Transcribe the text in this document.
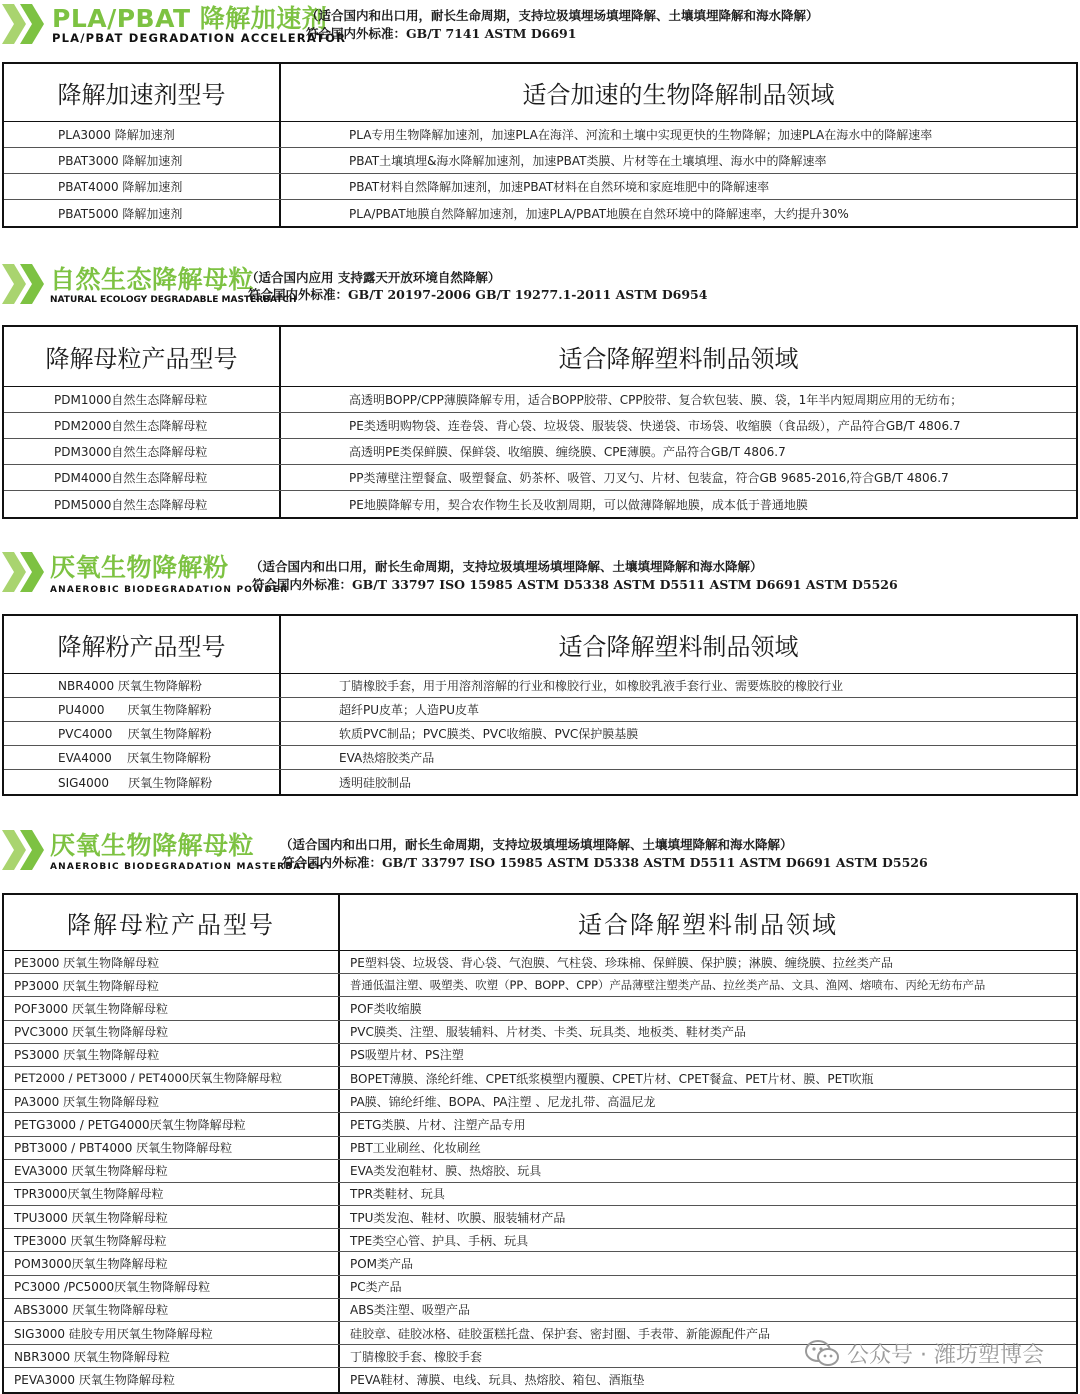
PLA/PBAT 降解加速剂
PLA/PBAT DEGRADATION ACCELERATOR
（适合国内和出口用，耐长生命周期，支持垃圾填埋场填埋降解、土壤填埋降解和海水降解）
符合国内外标准：GB/T 7141 ASTM D6691
降解加速剂型号	适合加速的生物降解制品领域
PLA3000 降解加速剂	PLA专用生物降解加速剂，加速PLA在海洋、河流和土壤中实现更快的生物降解；加速PLA在海水中的降解速率
PBAT3000 降解加速剂	PBAT土壤填埋&海水降解加速剂，加速PBAT类膜、片材等在土壤填埋、海水中的降解速率
PBAT4000 降解加速剂	PBAT材料自然降解加速剂，加速PBAT材料在自然环境和家庭堆肥中的降解速率
PBAT5000 降解加速剂	PLA/PBAT地膜自然降解加速剂，加速PLA/PBAT地膜在自然环境中的降解速率，大约提升30%
自然生态降解母粒
NATURAL ECOLOGY DEGRADABLE MASTERBATCH
（适合国内应用 支持露天开放环境自然降解）
符合国内外标准：GB/T 20197-2006 GB/T 19277.1-2011 ASTM D6954
降解母粒产品型号	适合降解塑料制品领域
PDM1000自然生态降解母粒	高透明BOPP/CPP薄膜降解专用，适合BOPP胶带、CPP胶带、复合软包装、膜、袋，1年半内短周期应用的无纺布；
PDM2000自然生态降解母粒	PE类透明购物袋、连卷袋、背心袋、垃圾袋、服装袋、快递袋、市场袋、收缩膜（食品级），产品符合GB/T 4806.7
PDM3000自然生态降解母粒	高透明PE类保鲜膜、保鲜袋、收缩膜、缠绕膜、CPE薄膜。产品符合GB/T 4806.7
PDM4000自然生态降解母粒	PP类薄壁注塑餐盒、吸塑餐盒、奶茶杯、吸管、刀叉勺、片材、包装盒，符合GB 9685-2016,符合GB/T 4806.7
PDM5000自然生态降解母粒	PE地膜降解专用，契合农作物生长及收割周期，可以做薄降解地膜，成本低于普通地膜
厌氧生物降解粉
ANAEROBIC BIODEGRADATION POWDER
（适合国内和出口用，耐长生命周期，支持垃圾填埋场填埋降解、土壤填埋降解和海水降解）
符合国内外标准：GB/T 33797 ISO 15985 ASTM D5338 ASTM D5511 ASTM D6691 ASTM D5526
降解粉产品型号	适合降解塑料制品领域
NBR4000 厌氧生物降解粉	丁腈橡胶手套，用于用溶剂溶解的行业和橡胶行业，如橡胶乳液手套行业、需要炼胶的橡胶行业
PU4000      厌氧生物降解粉	超纤PU皮革；人造PU皮革
PVC4000    厌氧生物降解粉	软质PVC制品；PVC膜类、PVC收缩膜、PVC保护膜基膜
EVA4000    厌氧生物降解粉	EVA热熔胶类产品
SIG4000     厌氧生物降解粉	透明硅胶制品
厌氧生物降解母粒
ANAEROBIC BIODEGRADATION MASTERBATCH
（适合国内和出口用，耐长生命周期，支持垃圾填埋场填埋降解、土壤填埋降解和海水降解）
符合国内外标准：GB/T 33797 ISO 15985 ASTM D5338 ASTM D5511 ASTM D6691 ASTM D5526
降解母粒产品型号	适合降解塑料制品领域
PE3000 厌氧生物降解母粒	PE塑料袋、垃圾袋、背心袋、气泡膜、气柱袋、珍珠棉、保鲜膜、保护膜；淋膜、缠绕膜、拉丝类产品
PP3000 厌氧生物降解母粒	普通低温注塑、吸塑类、吹塑（PP、BOPP、CPP）产品薄壁注塑类产品、拉丝类产品、文具、渔网、熔喷布、丙纶无纺布产品
POF3000 厌氧生物降解母粒	POF类收缩膜
PVC3000 厌氧生物降解母粒	PVC膜类、注塑、服装辅料、片材类、卡类、玩具类、地板类、鞋材类产品
PS3000 厌氧生物降解母粒	PS吸塑片材、PS注塑
PET2000 / PET3000 / PET4000厌氧生物降解母粒	BOPET薄膜、涤纶纤维、CPET纸浆模塑内覆膜、CPET片材、CPET餐盒、PET片材、膜、PET吹瓶
PA3000 厌氧生物降解母粒	PA膜、锦纶纤维、BOPA、PA注塑 、尼龙扎带、高温尼龙
PETG3000 / PETG4000厌氧生物降解母粒	PETG类膜、片材、注塑产品专用
PBT3000 / PBT4000 厌氧生物降解母粒	PBT工业刷丝、化妆刷丝
EVA3000 厌氧生物降解母粒	EVA类发泡鞋材、膜、热熔胶、玩具
TPR3000厌氧生物降解母粒	TPR类鞋材、玩具
TPU3000 厌氧生物降解母粒	TPU类发泡、鞋材、吹膜、服装辅材产品
TPE3000 厌氧生物降解母粒	TPE类空心管、护具、手柄、玩具
POM3000厌氧生物降解母粒	POM类产品
PC3000 /PC5000厌氧生物降解母粒	PC类产品
ABS3000 厌氧生物降解母粒	ABS类注塑、吸塑产品
SIG3000 硅胶专用厌氧生物降解母粒	硅胶章、硅胶冰格、硅胶蛋糕托盘、保护套、密封圈、手表带、新能源配件产品
NBR3000 厌氧生物降解母粒	丁腈橡胶手套、橡胶手套
PEVA3000 厌氧生物降解母粒	PEVA鞋材、薄膜、电线、玩具、热熔胶、箱包、酒瓶垫
公众号 · 潍坊塑博会
